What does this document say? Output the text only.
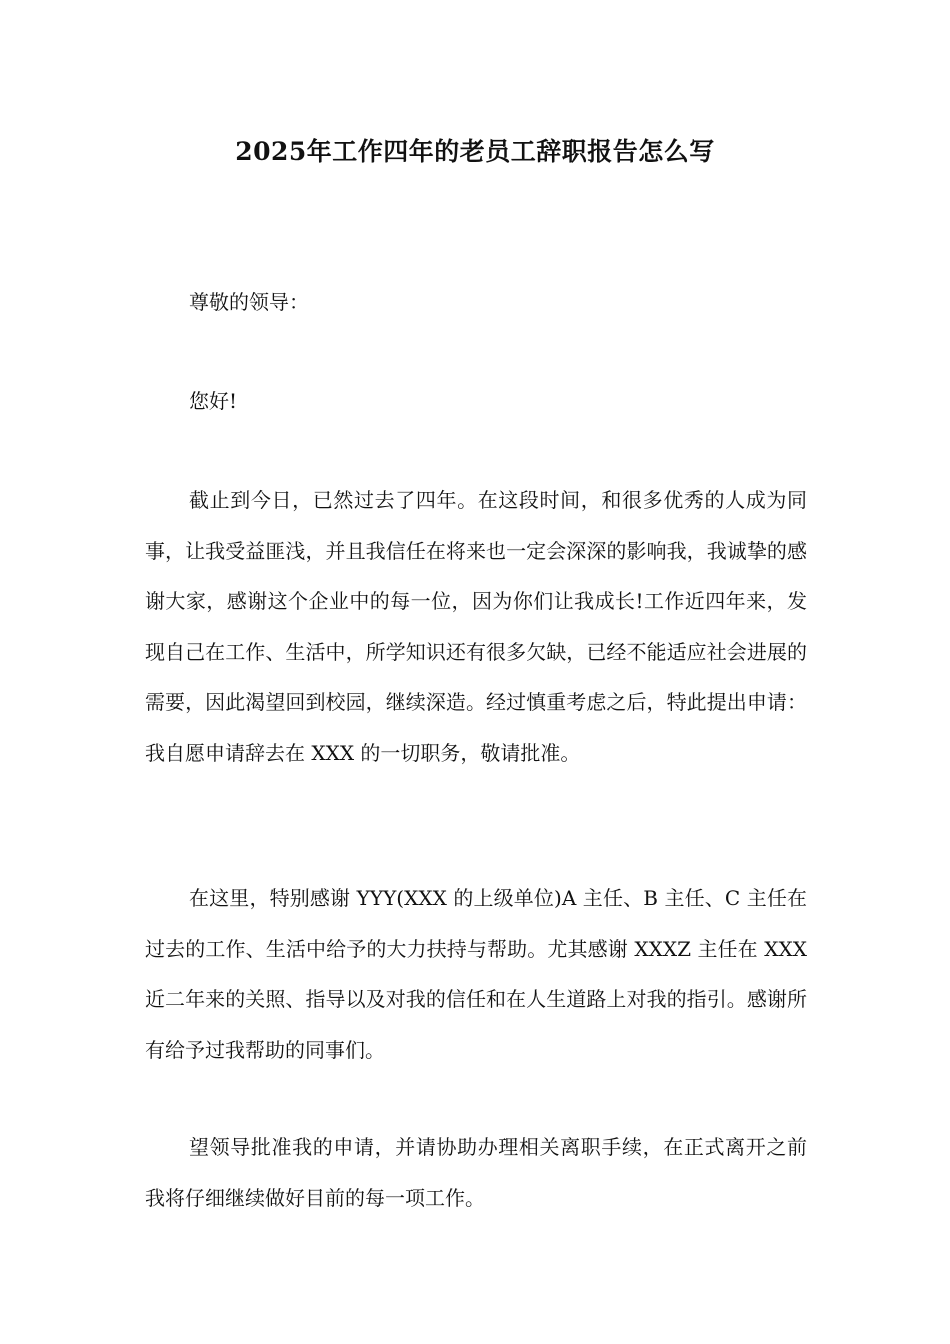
2025年工作四年的老员工辞职报告怎么写

尊敬的领导：

您好!

截止到今日，已然过去了四年。在这段时间，和很多优秀的人成为同事，让我受益匪浅，并且我信任在将来也一定会深深的影响我，我诚挚的感谢大家，感谢这个企业中的每一位，因为你们让我成长!工作近四年来，发现自己在工作、生活中，所学知识还有很多欠缺，已经不能适应社会进展的需要，因此渴望回到校园，继续深造。经过慎重考虑之后，特此提出申请：我自愿申请辞去在 XXX 的一切职务，敬请批准。

在这里，特别感谢 YYY(XXX 的上级单位)A 主任、B 主任、C 主任在过去的工作、生活中给予的大力扶持与帮助。尤其感谢 XXXZ 主任在 XXX 近二年来的关照、指导以及对我的信任和在人生道路上对我的指引。感谢所有给予过我帮助的同事们。

望领导批准我的申请，并请协助办理相关离职手续，在正式离开之前我将仔细继续做好目前的每一项工作。
